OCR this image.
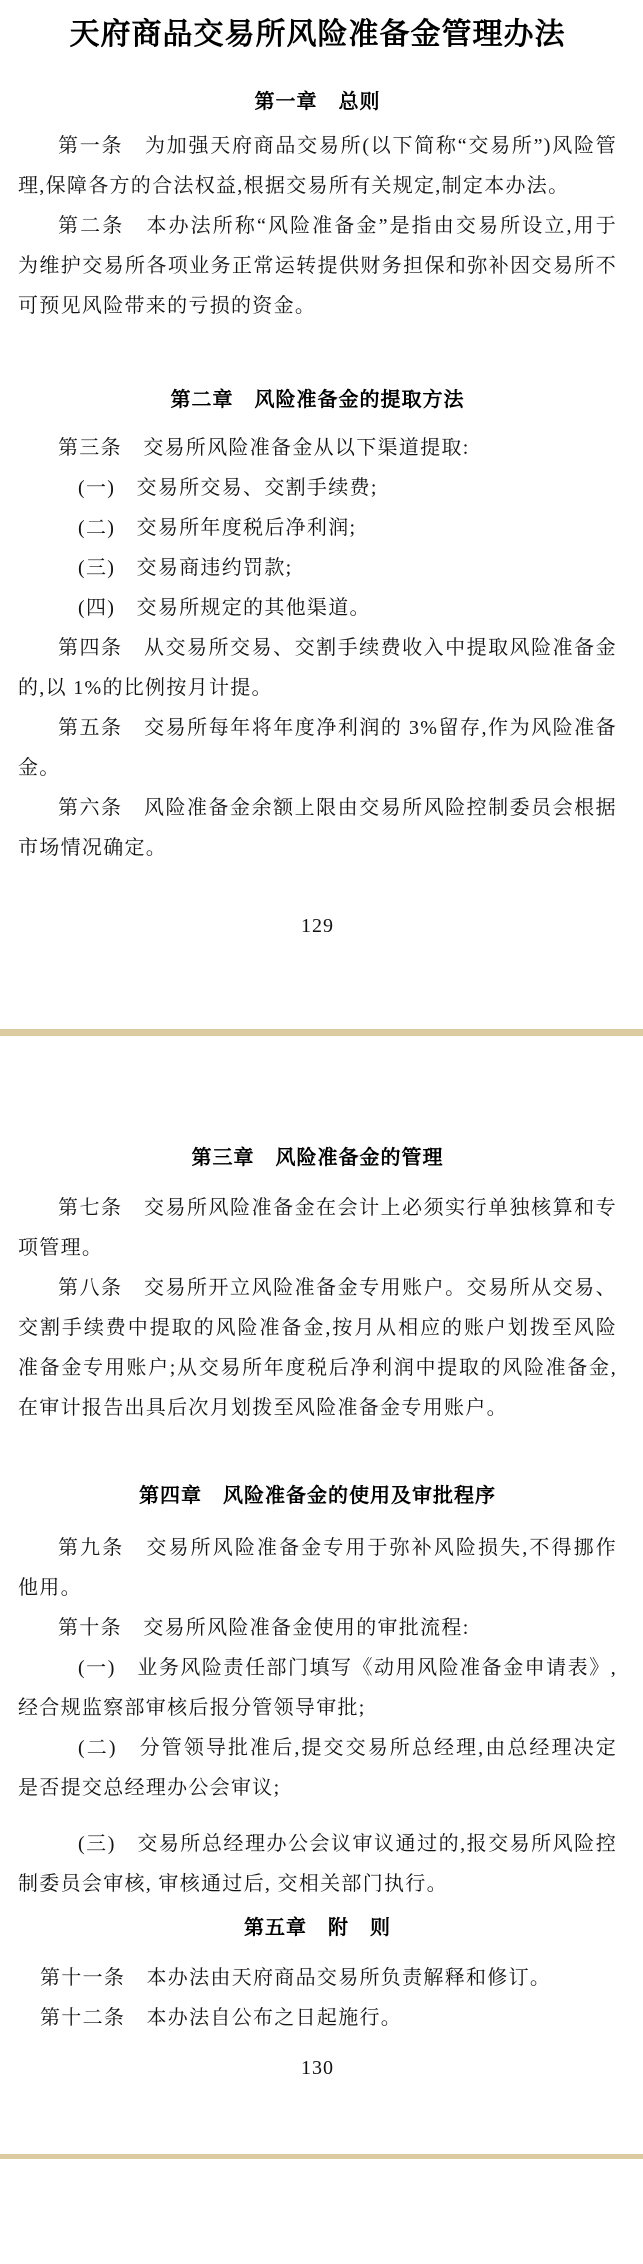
天府商品交易所风险准备金管理办法
第一章　总则

第一条　为加强天府商品交易所(以下简称“交易所”)风险管理,保障各方的合法权益,根据交易所有关规定,制定本办法。

第二条　本办法所称“风险准备金”是指由交易所设立,用于为维护交易所各项业务正常运转提供财务担保和弥补因交易所不可预见风险带来的亏损的资金。

第二章　风险准备金的提取方法

第三条　交易所风险准备金从以下渠道提取:

(一)　交易所交易、交割手续费;

(二)　交易所年度税后净利润;

(三)　交易商违约罚款;

(四)　交易所规定的其他渠道。

第四条　从交易所交易、交割手续费收入中提取风险准备金的,以 1%的比例按月计提。

第五条　交易所每年将年度净利润的 3%留存,作为风险准备金。

第六条　风险准备金余额上限由交易所风险控制委员会根据市场情况确定。

129
第三章　风险准备金的管理

第七条　交易所风险准备金在会计上必须实行单独核算和专项管理。

第八条　交易所开立风险准备金专用账户。交易所从交易、交割手续费中提取的风险准备金,按月从相应的账户划拨至风险准备金专用账户;从交易所年度税后净利润中提取的风险准备金,在审计报告出具后次月划拨至风险准备金专用账户。

第四章　风险准备金的使用及审批程序

第九条　交易所风险准备金专用于弥补风险损失,不得挪作他用。

第十条　交易所风险准备金使用的审批流程:

(一)　业务风险责任部门填写《动用风险准备金申请表》,经合规监察部审核后报分管领导审批;

(二)　分管领导批准后,提交交易所总经理,由总经理决定是否提交总经理办公会审议;

(三)　交易所总经理办公会议审议通过的,报交易所风险控制委员会审核, 审核通过后, 交相关部门执行。

第五章　附　则

第十一条　本办法由天府商品交易所负责解释和修订。

第十二条　本办法自公布之日起施行。

130
